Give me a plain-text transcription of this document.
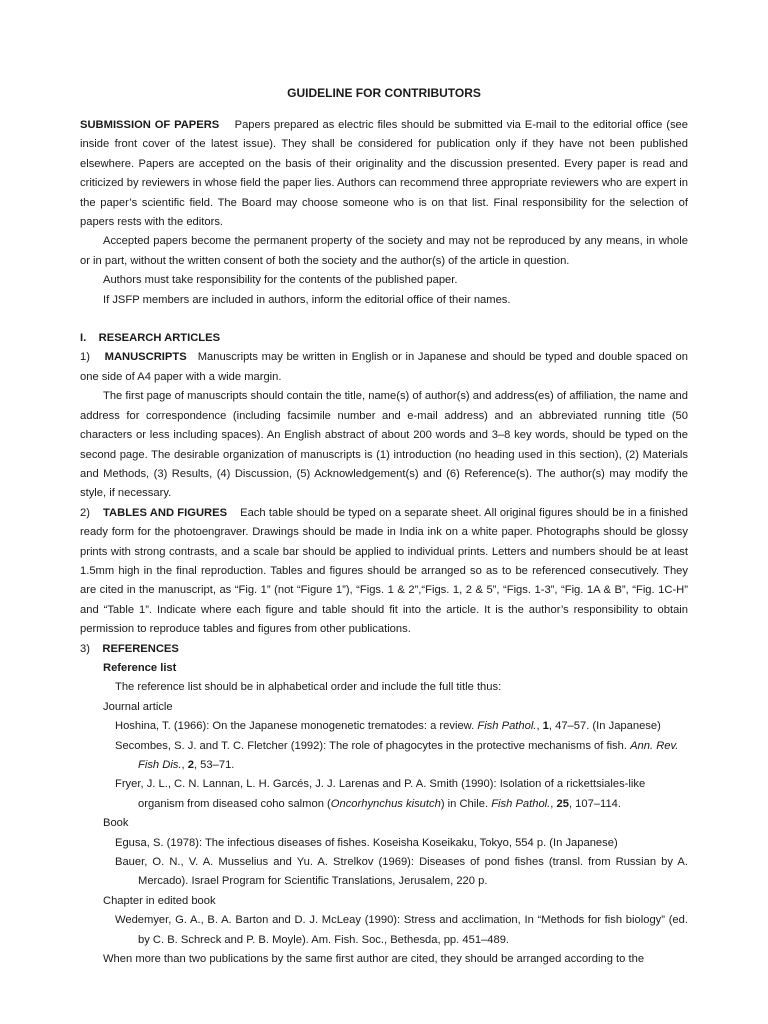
GUIDELINE FOR CONTRIBUTORS

SUBMISSION OF PAPERS Papers prepared as electric files should be submitted via E-mail to the editorial office (see inside front cover of the latest issue). They shall be considered for publication only if they have not been published elsewhere. Papers are accepted on the basis of their originality and the discussion presented. Every paper is read and criticized by reviewers in whose field the paper lies. Authors can recommend three appropriate reviewers who are expert in the paper’s scientific field. The Board may choose someone who is on that list. Final responsibility for the selection of papers rests with the editors.

Accepted papers become the permanent property of the society and may not be reproduced by any means, in whole or in part, without the written consent of both the society and the author(s) of the article in question.

Authors must take responsibility for the contents of the published paper.

If JSFP members are included in authors, inform the editorial office of their names.

I. RESEARCH ARTICLES

1) MANUSCRIPTS Manuscripts may be written in English or in Japanese and should be typed and double spaced on one side of A4 paper with a wide margin.

The first page of manuscripts should contain the title, name(s) of author(s) and address(es) of affiliation, the name and address for correspondence (including facsimile number and e-mail address) and an abbreviated running title (50 characters or less including spaces). An English abstract of about 200 words and 3–8 key words, should be typed on the second page. The desirable organization of manuscripts is (1) introduction (no heading used in this section), (2) Materials and Methods, (3) Results, (4) Discussion, (5) Acknowledgement(s) and (6) Reference(s). The author(s) may modify the style, if necessary.

2) TABLES AND FIGURES Each table should be typed on a separate sheet. All original figures should be in a finished ready form for the photoengraver. Drawings should be made in India ink on a white paper. Photographs should be glossy prints with strong contrasts, and a scale bar should be applied to individual prints. Letters and numbers should be at least 1.5mm high in the final reproduction. Tables and figures should be arranged so as to be referenced consecutively. They are cited in the manuscript, as “Fig. 1” (not “Figure 1”), “Figs. 1 & 2”,“Figs. 1, 2 & 5”, “Figs. 1-3”, “Fig. 1A & B”, “Fig. 1C-H” and “Table 1”. Indicate where each figure and table should fit into the article. It is the author’s responsibility to obtain permission to reproduce tables and figures from other publications.

3) REFERENCES

Reference list

The reference list should be in alphabetical order and include the full title thus:

Journal article

Hoshina, T. (1966): On the Japanese monogenetic trematodes: a review. Fish Pathol., 1, 47–57. (In Japanese)

Secombes, S. J. and T. C. Fletcher (1992): The role of phagocytes in the protective mechanisms of fish. Ann. Rev. Fish Dis., 2, 53–71.

Fryer, J. L., C. N. Lannan, L. H. Garcés, J. J. Larenas and P. A. Smith (1990): Isolation of a rickettsiales-like organism from diseased coho salmon (Oncorhynchus kisutch) in Chile. Fish Pathol., 25, 107–114.

Book

Egusa, S. (1978): The infectious diseases of fishes. Koseisha Koseikaku, Tokyo, 554 p. (In Japanese)

Bauer, O. N., V. A. Musselius and Yu. A. Strelkov (1969): Diseases of pond fishes (transl. from Russian by A. Mercado). Israel Program for Scientific Translations, Jerusalem, 220 p.

Chapter in edited book

Wedemyer, G. A., B. A. Barton and D. J. McLeay (1990): Stress and acclimation, In “Methods for fish biology” (ed. by C. B. Schreck and P. B. Moyle). Am. Fish. Soc., Bethesda, pp. 451–489.

When more than two publications by the same first author are cited, they should be arranged according to the
